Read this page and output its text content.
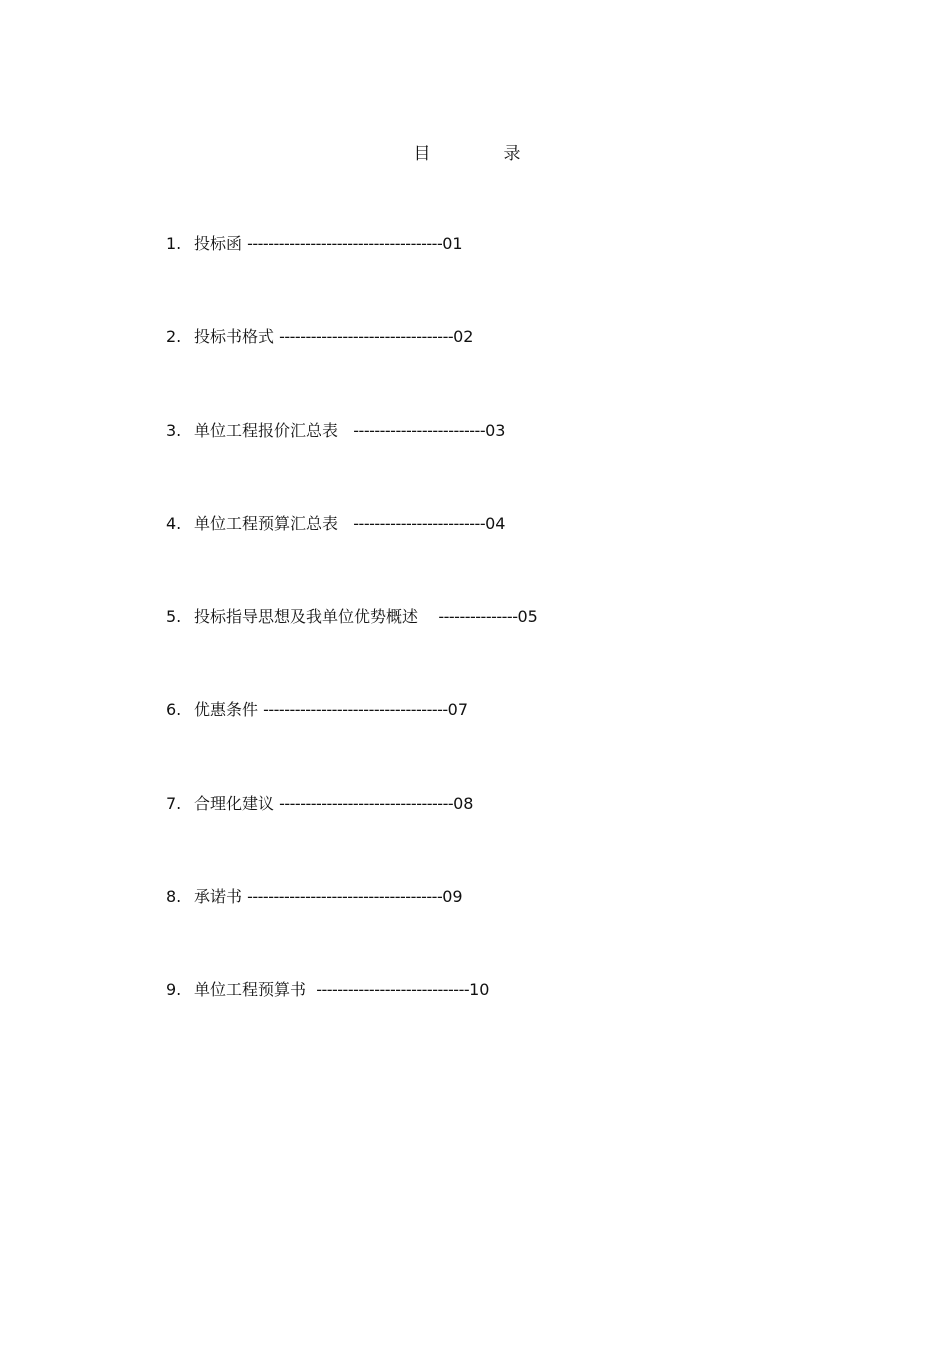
目　录
1. 投标函 -------------------------------------01
2. 投标书格式 ---------------------------------02
3. 单位工程报价汇总表   -------------------------03
4. 单位工程预算汇总表   -------------------------04
5. 投标指导思想及我单位优势概述    ---------------05
6. 优惠条件 -----------------------------------07
7. 合理化建议 ---------------------------------08
8. 承诺书 -------------------------------------09
9. 单位工程预算书  -----------------------------10
